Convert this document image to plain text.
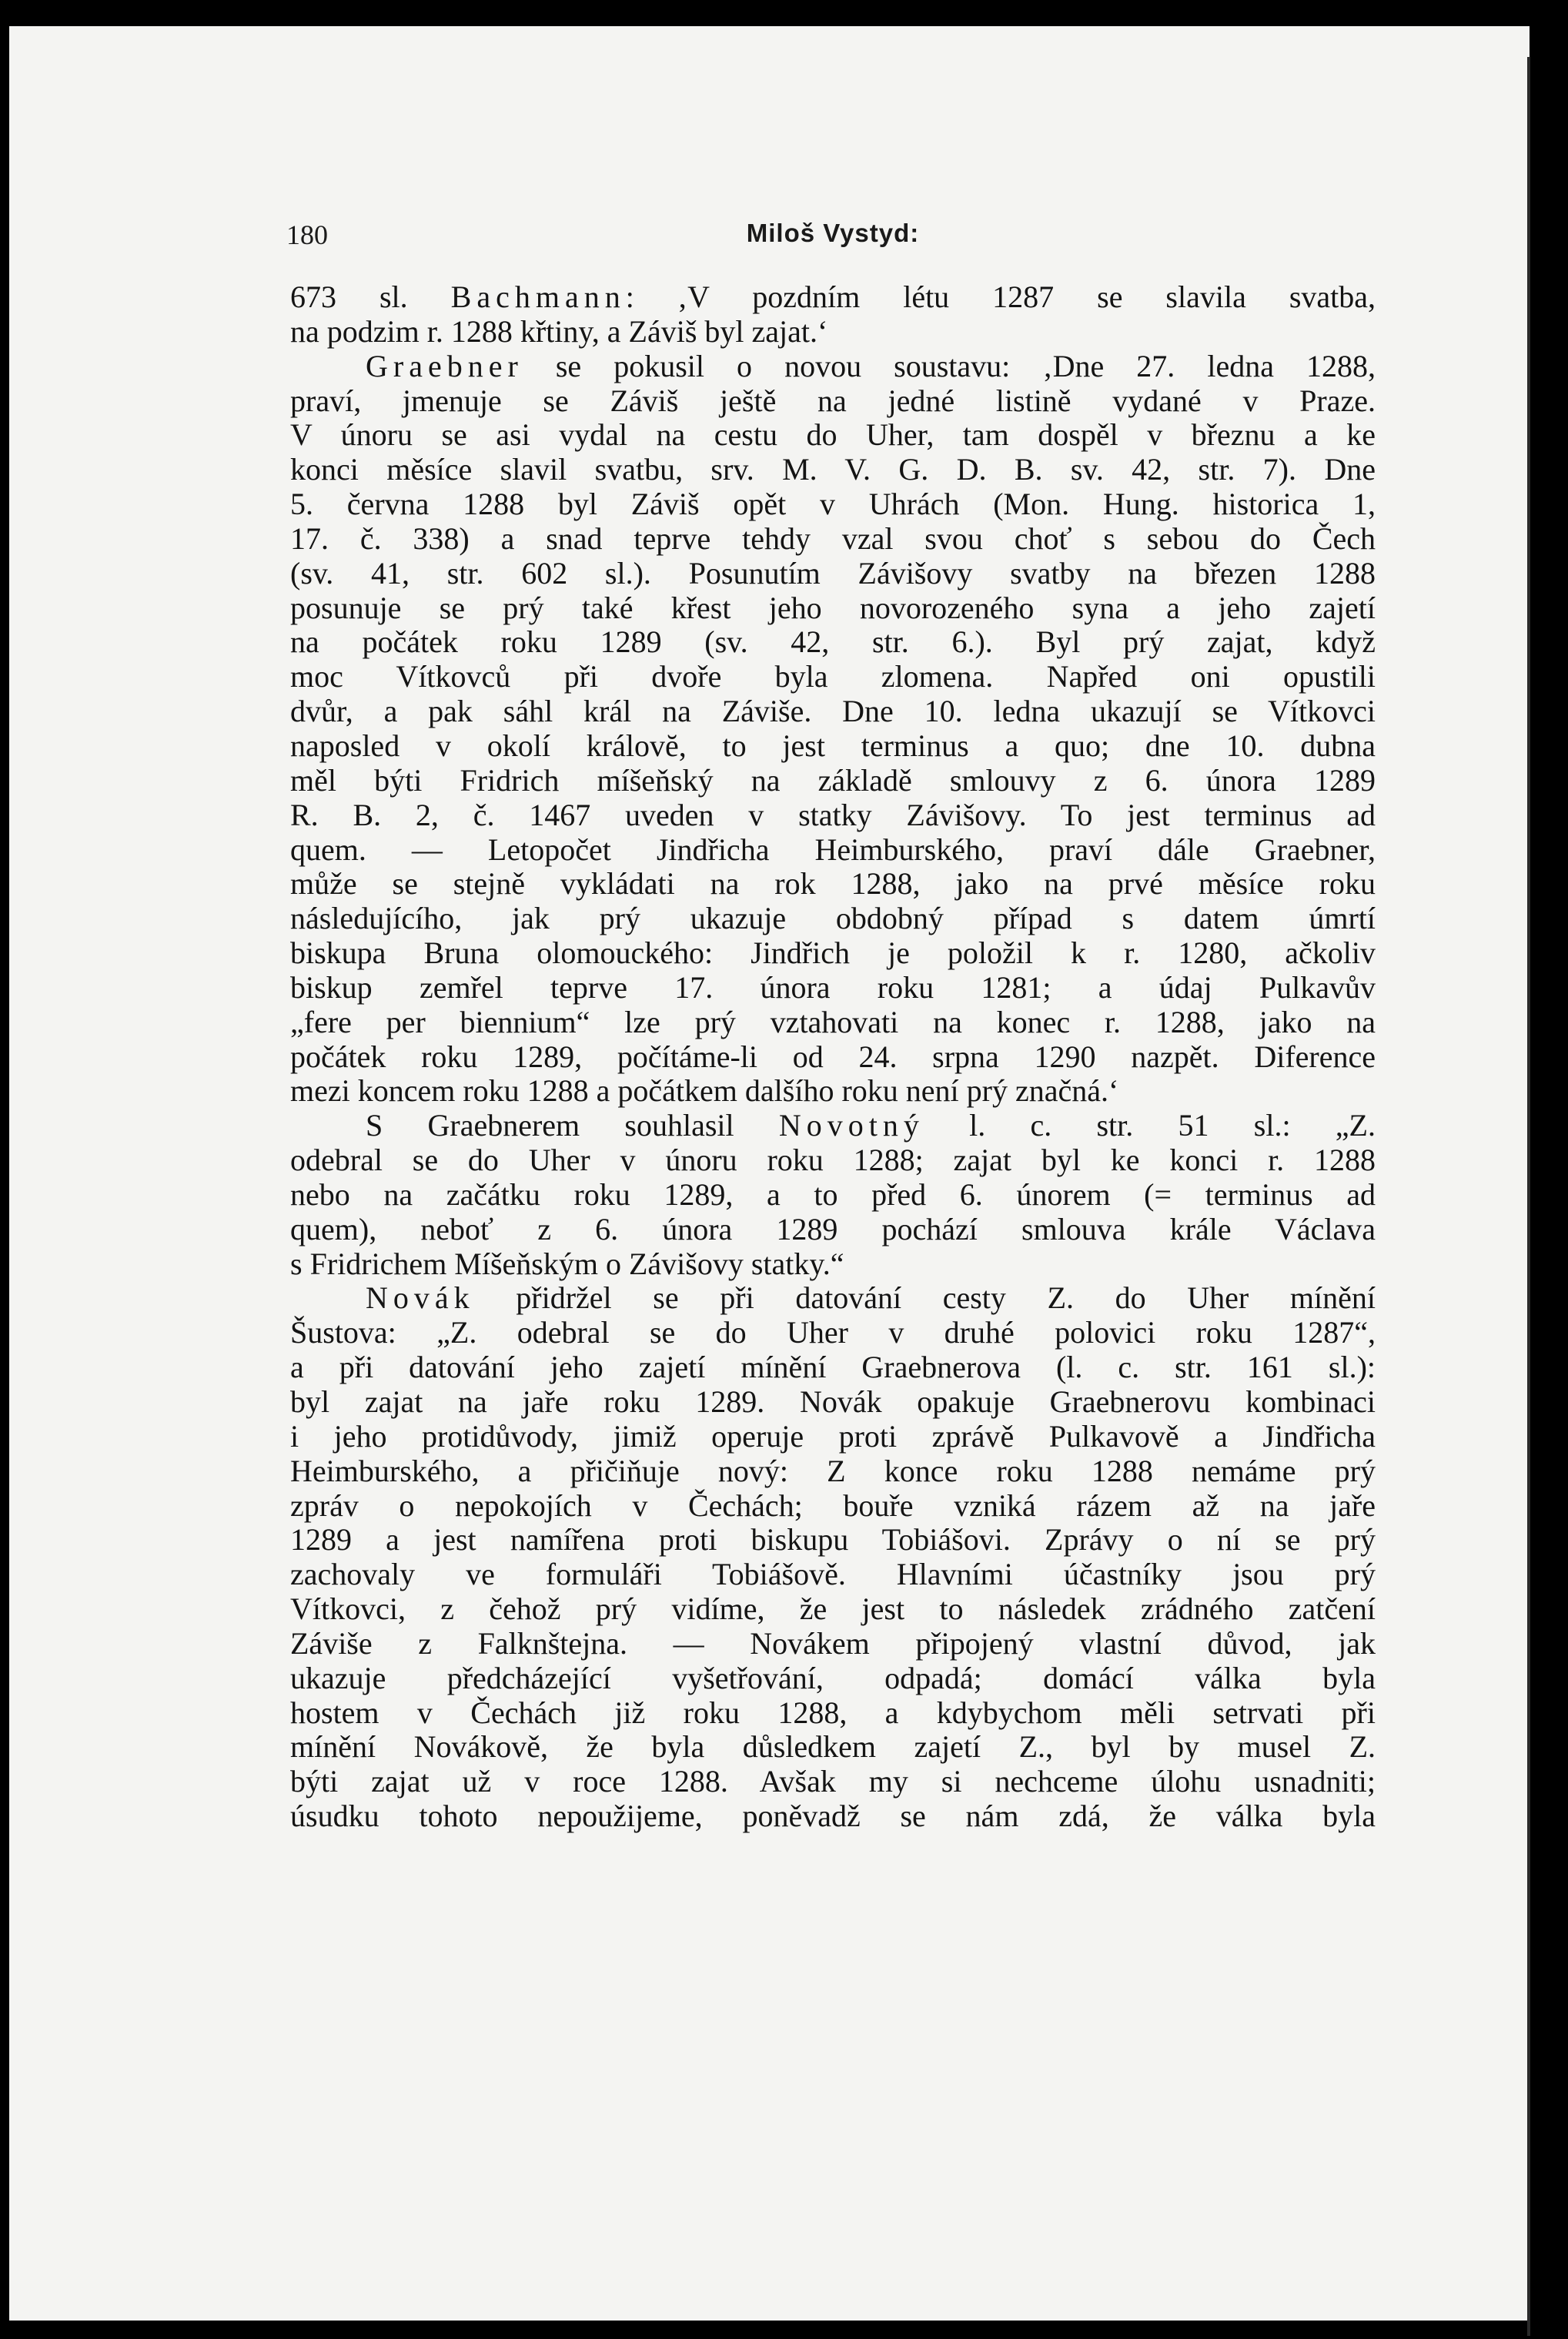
180	Miloš Vystyd:
673 sl. Bachmann: ‚V pozdním létu 1287 se slavila svatba,
na podzim r. 1288 křtiny, a Záviš byl zajat.‘
Graebner se pokusil o novou soustavu: ‚Dne 27. ledna 1288,
praví, jmenuje se Záviš ještě na jedné listině vydané v Praze.
V únoru se asi vydal na cestu do Uher, tam dospěl v březnu a ke
konci měsíce slavil svatbu, srv. M. V. G. D. B. sv. 42, str. 7). Dne
5. června 1288 byl Záviš opět v Uhrách (Mon. Hung. historica 1,
17. č. 338) a snad teprve tehdy vzal svou choť s sebou do Čech
(sv. 41, str. 602 sl.). Posunutím Závišovy svatby na březen 1288
posunuje se prý také křest jeho novorozeného syna a jeho zajetí
na počátek roku 1289 (sv. 42, str. 6.). Byl prý zajat, když
moc Vítkovců při dvoře byla zlomena. Napřed oni opustili
dvůr, a pak sáhl král na Záviše. Dne 10. ledna ukazují se Vítkovci
naposled v okolí královĕ, to jest terminus a quo; dne 10. dubna
měl býti Fridrich míšeňský na základě smlouvy z 6. února 1289
R. B. 2, č. 1467 uveden v statky Závišovy. To jest terminus ad
quem. — Letopočet Jindřicha Heimburského, praví dále Graebner,
může se stejně vykládati na rok 1288, jako na prvé měsíce roku
následujícího, jak prý ukazuje obdobný případ s datem úmrtí
biskupa Bruna olomouckého: Jindřich je položil k r. 1280, ačkoliv
biskup zemřel teprve 17. února roku 1281; a údaj Pulkavův
„fere per biennium“ lze prý vztahovati na konec r. 1288, jako na
počátek roku 1289, počítáme-li od 24. srpna 1290 nazpět. Diference
mezi koncem roku 1288 a počátkem dalšího roku není prý značná.‘
S Graebnerem souhlasil Novotný l. c. str. 51 sl.: „Z.
odebral se do Uher v únoru roku 1288; zajat byl ke konci r. 1288
nebo na začátku roku 1289, a to před 6. únorem (= terminus ad
quem), neboť z 6. února 1289 pochází smlouva krále Václava
s Fridrichem Míšeňským o Závišovy statky.“
Novák přidržel se při datování cesty Z. do Uher mínění
Šustova: „Z. odebral se do Uher v druhé polovici roku 1287“,
a při datování jeho zajetí mínění Graebnerova (l. c. str. 161 sl.):
byl zajat na jaře roku 1289. Novák opakuje Graebnerovu kombinaci
i jeho protidůvody, jimiž operuje proti zprávě Pulkavově a Jindřicha
Heimburského, a přičiňuje nový: Z konce roku 1288 nemáme prý
zpráv o nepokojích v Čechách; bouře vzniká rázem až na jaře
1289 a jest namířena proti biskupu Tobiášovi. Zprávy o ní se prý
zachovaly ve formuláři Tobiášově. Hlavními účastníky jsou prý
Vítkovci, z čehož prý vidíme, že jest to následek zrádného zatčení
Záviše z Falknštejna. — Novákem připojený vlastní důvod, jak
ukazuje předcházející vyšetřování, odpadá; domácí válka byla
hostem v Čechách již roku 1288, a kdybychom měli setrvati při
mínění Novákově, že byla důsledkem zajetí Z., byl by musel Z.
býti zajat už v roce 1288. Avšak my si nechceme úlohu usnadniti;
úsudku tohoto nepoužijeme, poněvadž se nám zdá, že válka byla
